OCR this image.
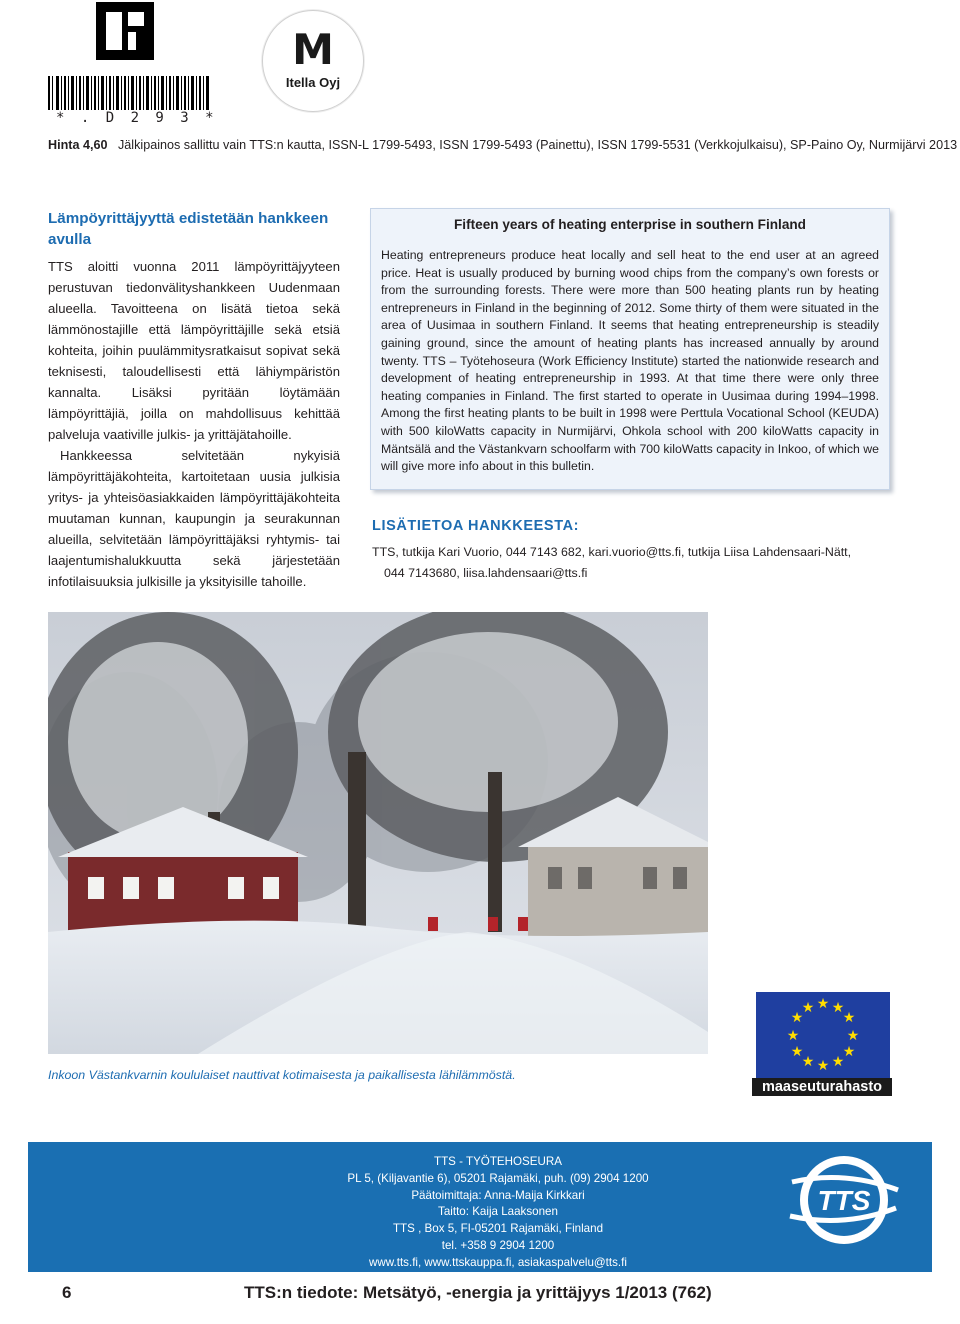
* . D 2 9 3 *
M
Itella Oyj
Hinta 4,60 Jälkipainos sallittu vain TTS:n kautta, ISSN-L 1799-5493, ISSN 1799-5493 (Painettu), ISSN 1799-5531 (Verkkojulkaisu), SP-Paino Oy, Nurmijärvi 2013
Lämpöyrittäjyyttä edistetään hankkeen avulla

TTS aloitti vuonna 2011 lämpöyrittäjyyteen perustuvan tiedonvälityshankkeen Uudenmaan alueella. Tavoitteena on lisätä tietoa sekä lämmönostajille että lämpöyrittäjille sekä etsiä kohteita, joihin puulämmitysratkaisut sopivat sekä teknisesti, taloudellisesti että lähiympäristön kannalta. Lisäksi pyritään löytämään lämpöyrittäjiä, joilla on mahdollisuus kehittää palveluja vaativille julkis- ja yrittäjätahoille.

Hankkeessa selvitetään nykyisiä lämpöyrittäjäkohteita, kartoitetaan uusia julkisia yritys- ja yhteisöasiakkaiden lämpöyrittäjäkohteita muutaman kunnan, kaupungin ja seurakunnan alueilla, selvitetään lämpöyrittäjäksi ryhtymis- tai laajentumishalukkuutta sekä järjestetään infotilaisuuksia julkisille ja yksityisille tahoille.

Fifteen years of heating enterprise in southern Finland

Heating entrepreneurs produce heat locally and sell heat to the end user at an agreed price. Heat is usually produced by burning wood chips from the company’s own forests or from the surrounding forests. There were more than 500 heating plants run by heating entrepreneurs in Finland in the beginning of 2012. Some thirty of them were situated in the area of Uusimaa in southern Finland. It seems that heating entrepreneurship is steadily gaining ground, since the amount of heating plants has increased annually by around twenty. TTS – Työtehoseura (Work Efficiency Institute) started the nationwide research and development of heating entrepreneurship in 1993. At that time there were only three heating companies in Finland. The first started to operate in Uusimaa during 1994–1998. Among the first heating plants to be built in 1998 were Perttula Vocational School (KEUDA) with 500 kiloWatts capacity in Nurmijärvi, Ohkola school with 200 kiloWatts capacity in Mäntsälä and the Västankvarn schoolfarm with 700 kiloWatts capacity in Inkoo, of which we will give more info about in this bulletin.

LISÄTIETOA HANKKEESTA:
TTS, tutkija Kari Vuorio, 044 7143 682, kari.vuorio@tts.fi, tutkija Liisa Lahdensaari-Nätt,
044 7143680, liisa.lahdensaari@tts.fi
Inkoon Västankvarnin koululaiset nauttivat kotimaisesta ja paikallisesta lähilämmöstä.
★ ★
★
★
★
★
★
★
★
★
★
★
maaseuturahasto
TTS - TYÖTEHOSEURA
PL 5, (Kiljavantie 6), 05201 Rajamäki, puh. (09) 2904 1200
Päätoimittaja: Anna-Maija Kirkkari
Taitto: Kaija Laaksonen
TTS , Box 5, FI-05201 Rajamäki, Finland
tel. +358 9 2904 1200
www.tts.fi, www.ttskauppa.fi, asiakaspalvelu@tts.fi
TTS
6	TTS:n tiedote: Metsätyö, -energia ja yrittäjyys 1/2013 (762)
